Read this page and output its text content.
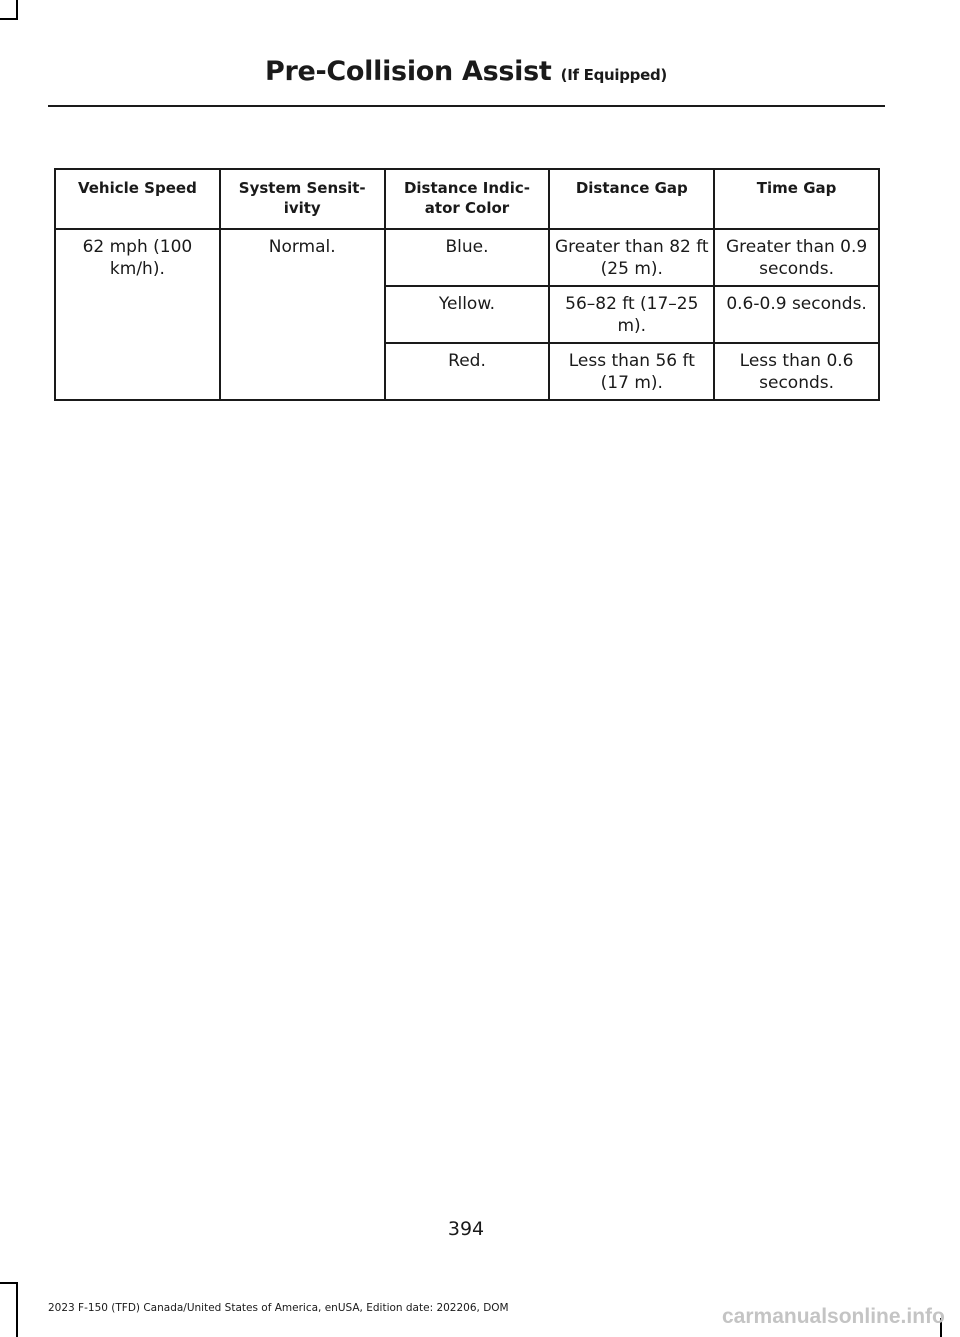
Pre-Collision Assist (If Equipped)
Vehicle Speed	System Sensit-ivity	Distance Indic-ator Color	Distance Gap	Time Gap
62 mph (100 km/h).	Normal.	Blue.	Greater than 82 ft (25 m).	Greater than 0.9 seconds.
		Yellow.	56–82 ft (17–25 m).	0.6-0.9 seconds.
		Red.	Less than 56 ft (17 m).	Less than 0.6 seconds.
394
2023 F-150 (TFD) Canada/United States of America, enUSA, Edition date: 202206, DOM	carmanualsonline.info
